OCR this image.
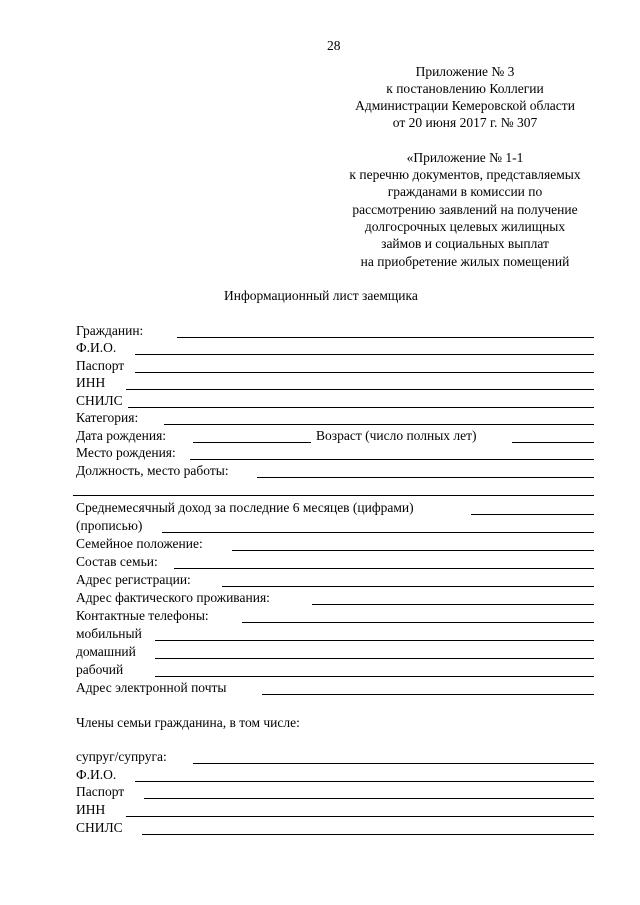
28
Приложение № 3
к постановлению Коллегии
Администрации Кемеровской области
от 20 июня 2017 г. № 307
«Приложение № 1-1
к перечню документов, представляемых
гражданами в комиссии по
рассмотрению заявлений на получение
долгосрочных целевых жилищных
займов и социальных выплат
на приобретение жилых помещений
Информационный лист заемщика
Гражданин:
Ф.И.О.
Паспорт
ИНН
СНИЛС
Категория:
Дата рождения:	Возраст (число полных лет)
Место рождения:
Должность, место работы:
Среднемесячный доход за последние 6 месяцев (цифрами)
(прописью)
Семейное положение:
Состав семьи:
Адрес регистрации:
Адрес фактического проживания:
Контактные телефоны:
мобильный
домашний
рабочий
Адрес электронной почты
Члены семьи гражданина, в том числе:
супруг/супруга:
Ф.И.О.
Паспорт
ИНН
СНИЛС
